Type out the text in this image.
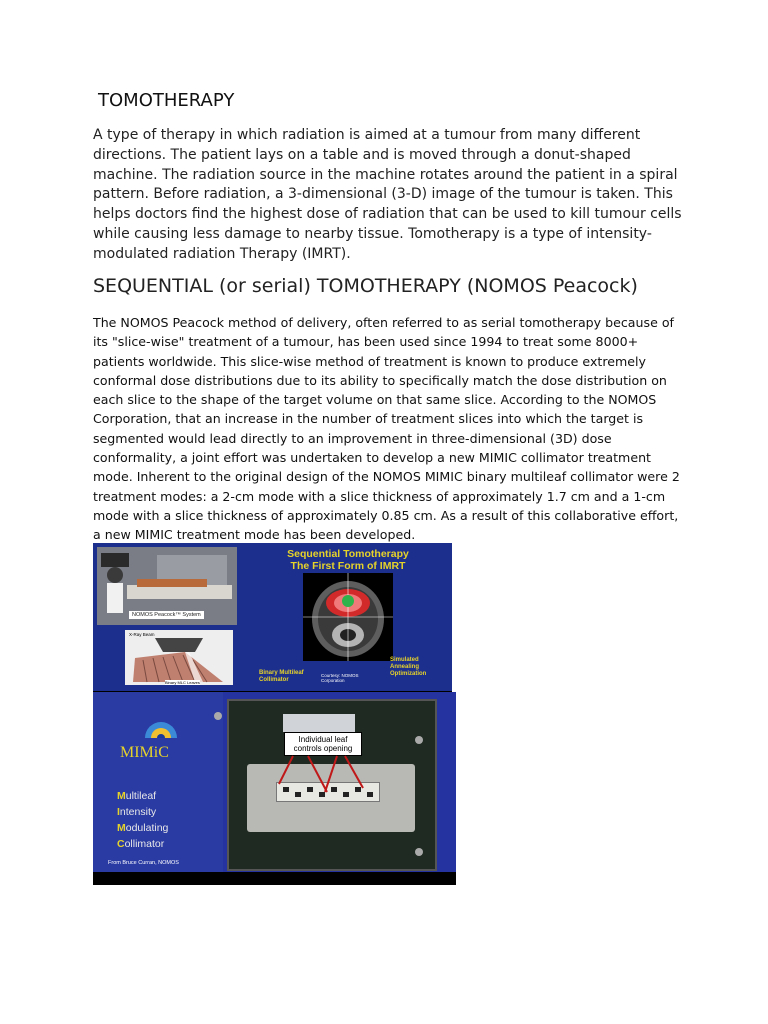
TOMOTHERAPY

A type of therapy in which radiation is aimed at a tumour from many different directions. The patient lays on a table and is moved through a donut-shaped machine. The radiation source in the machine rotates around the patient in a spiral pattern. Before radiation, a 3-dimensional (3-D) image of the tumour is taken. This helps doctors find the highest dose of radiation that can be used to kill tumour cells while causing less damage to nearby tissue. Tomotherapy is a type of intensity-modulated radiation Therapy (IMRT).

SEQUENTIAL (or serial) TOMOTHERAPY (NOMOS Peacock)

The NOMOS Peacock method of delivery, often referred to as serial tomotherapy because of its "slice-wise" treatment of a tumour, has been used since 1994 to treat some 8000+ patients worldwide. This slice-wise method of treatment is known to produce extremely conformal dose distributions due to its ability to specifically match the dose distribution on each slice to the shape of the target volume on that same slice. According to the NOMOS Corporation, that an increase in the number of treatment slices into which the target is segmented would lead directly to an improvement in three-dimensional (3D) dose conformality, a joint effort was undertaken to develop a new MIMIC collimator treatment mode. Inherent to the original design of the NOMOS MIMIC binary multileaf collimator were 2 treatment modes: a 2-cm mode with a slice thickness of approximately 1.7 cm and a 1-cm mode with a slice thickness of approximately 0.85 cm. As a result of this collaborative effort, a new MIMIC treatment mode has been developed.

NOMOS Peacock™ System
Sequential Tomotherapy
The First Form of IMRT
X-Ray Beam
Binary MLC Leaves
Binary Multileaf
Collimator
Simulated
Annealing
Optimization
Courtesy: NOMOS
Corporation
MIMiC
Multileaf
Intensity
Modulating
Collimator
From Bruce Curran, NOMOS
Individual leaf controls opening
